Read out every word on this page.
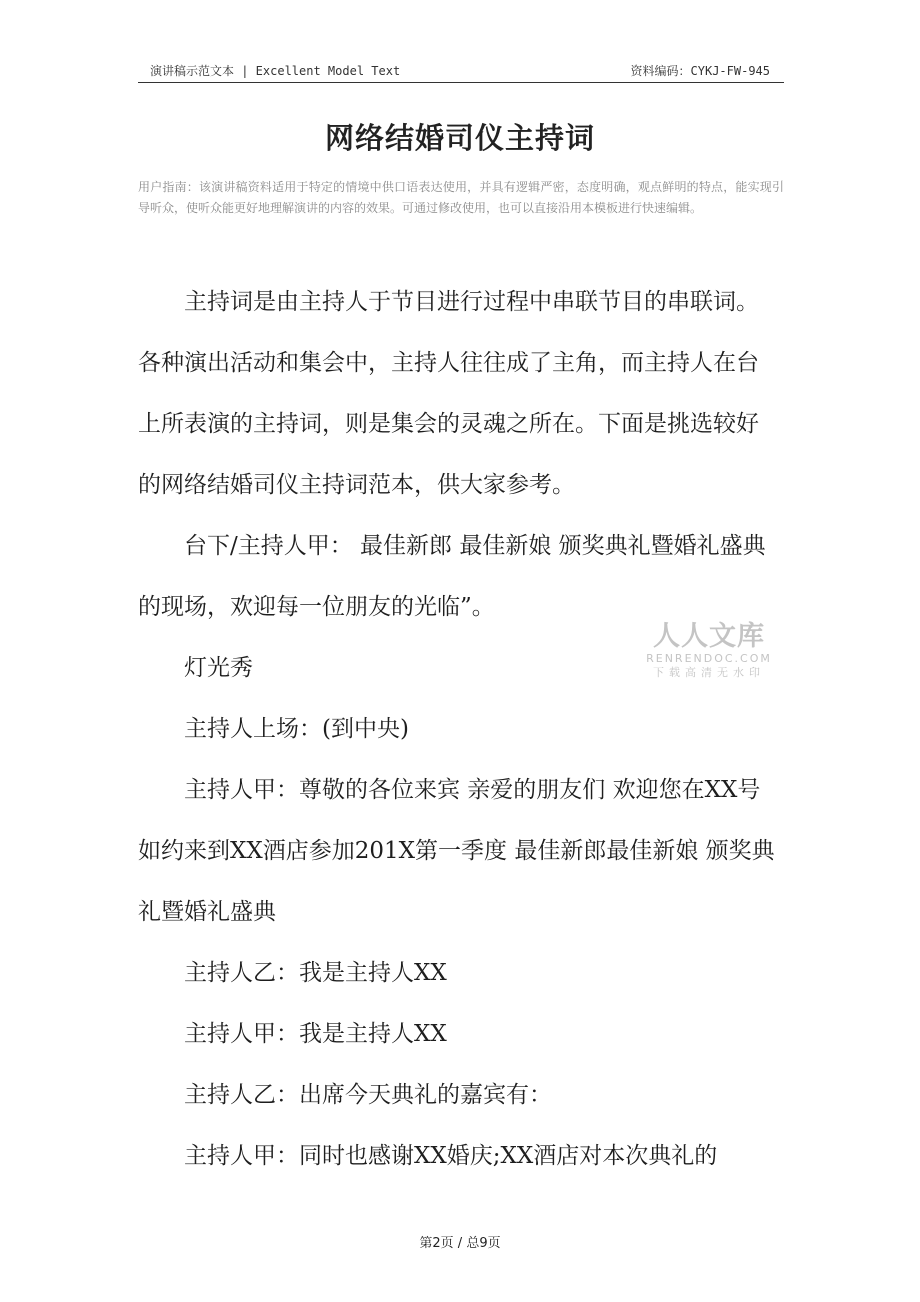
演讲稿示范文本 | Excellent Model Text	资料编码：CYKJ-FW-945
网络结婚司仪主持词
用户指南：该演讲稿资料适用于特定的情境中供口语表达使用，并具有逻辑严密，态度明确，观点鲜明的特点，能实现引导听众，使听众能更好地理解演讲的内容的效果。可通过修改使用，也可以直接沿用本模板进行快速编辑。

主持词是由主持人于节目进行过程中串联节目的串联词。各种演出活动和集会中，主持人往往成了主角，而主持人在台上所表演的主持词，则是集会的灵魂之所在。下面是挑选较好的网络结婚司仪主持词范本，供大家参考。

台下/主持人甲： 最佳新郎 最佳新娘 颁奖典礼暨婚礼盛典的现场，欢迎每一位朋友的光临”。

灯光秀

主持人上场：(到中央)

主持人甲：尊敬的各位来宾 亲爱的朋友们 欢迎您在XX号如约来到XX酒店参加201X第一季度 最佳新郎最佳新娘 颁奖典礼暨婚礼盛典

主持人乙：我是主持人XX

主持人甲：我是主持人XX

主持人乙：出席今天典礼的嘉宾有：

主持人甲：同时也感谢XX婚庆;XX酒店对本次典礼的

人人文库
RENRENDOC.COM
下载高清无水印
第2页 / 总9页
